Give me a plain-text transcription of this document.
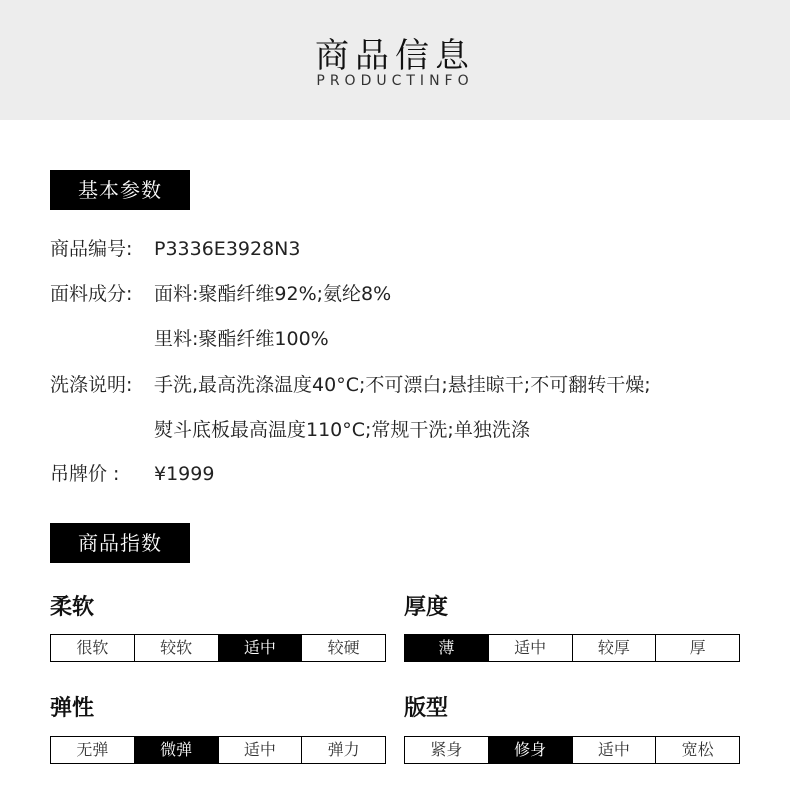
商品信息
PRODUCTINFO
基本参数
商品编号: P3336E3928N3
面料成分: 面料:聚酯纤维92%;氨纶8%
里料:聚酯纤维100%
洗涤说明: 手洗,最高洗涤温度40°C;不可漂白;悬挂晾干;不可翻转干燥;
熨斗底板最高温度110°C;常规干洗;单独洗涤
吊牌价 : ¥1999
商品指数
柔软
很软	较软	适中	较硬
厚度
薄	适中	较厚	厚
弹性
无弹	微弹	适中	弹力
版型
紧身	修身	适中	宽松
